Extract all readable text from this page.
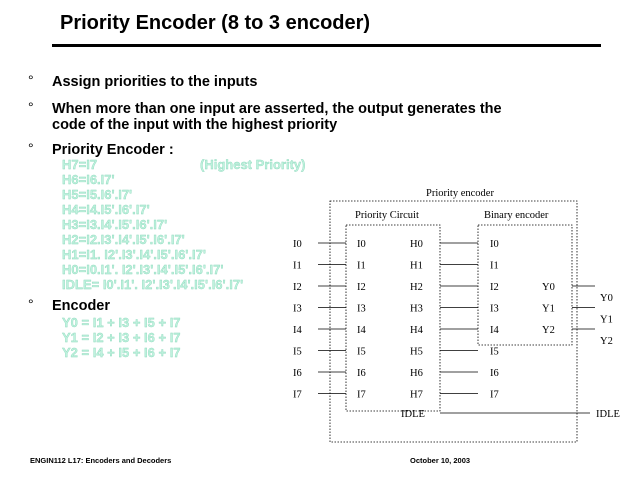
Priority Encoder (8 to 3 encoder)
° Assign priorities to the inputs
° When more than one input are asserted, the output generates the
code of the input with the highest priority
° Priority Encoder :
H7=I7	(Highest Priority)
H6=I6.I7'
H5=I5.I6'.I7'
H4=I4.I5'.I6'.I7'
H3=I3.I4'.I5'.I6'.I7'
H2=I2.I3'.I4'.I5'.I6'.I7'
H1=I1. I2'.I3'.I4'.I5'.I6'.I7'
H0=I0.I1'. I2'.I3'.I4'.I5'.I6'.I7'
IDLE= I0'.I1'. I2'.I3'.I4'.I5'.I6'.I7'
° Encoder
Y0 = I1 + I3 + I5 + I7
Y1 = I2 + I3 + I6 + I7
Y2 = I4 + I5 + I6 + I7
Priority encoder
Priority Circuit	Binary encoder
I0
I1
I2
I3
I4
I5
I6
I7
I0
I1
I2
I3
I4
I5
I6
I7
H0
H1
H2
H3
H4
H5
H6
H7
I0
I1
I2
I3
I4
I5
I6
I7
Y0
Y1
Y2
Y0
Y1
Y2
IDLE	IDLE
ENGIN112 L17: Encoders and Decoders	October 10, 2003
